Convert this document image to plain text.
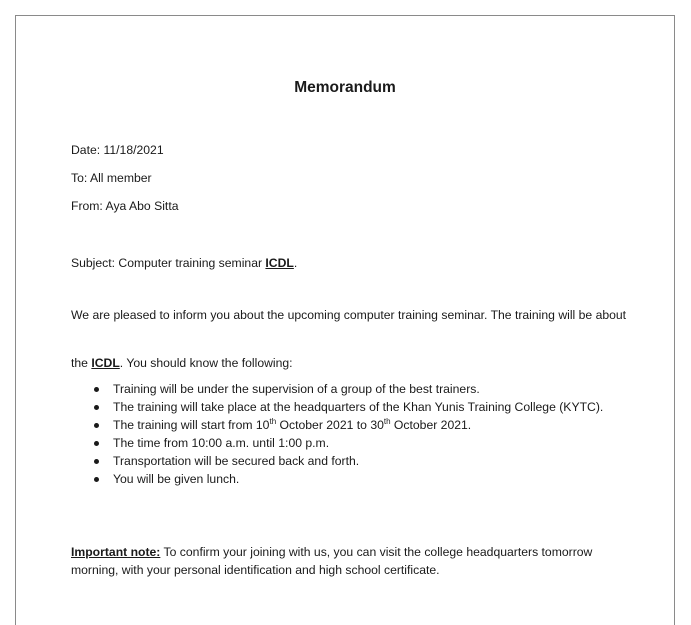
Memorandum
Date: 11/18/2021
To: All member
From: Aya Abo Sitta
Subject: Computer training seminar ICDL.
We are pleased to inform you about the upcoming computer training seminar. The training will be about
the ICDL. You should know the following:
Training will be under the supervision of a group of the best trainers.
The training will take place at the headquarters of the Khan Yunis Training College (KYTC).
The training will start from 10th October 2021 to 30th October 2021.
The time from 10:00 a.m. until 1:00 p.m.
Transportation will be secured back and forth.
You will be given lunch.
Important note: To confirm your joining with us, you can visit the college headquarters tomorrow morning, with your personal identification and high school certificate.
